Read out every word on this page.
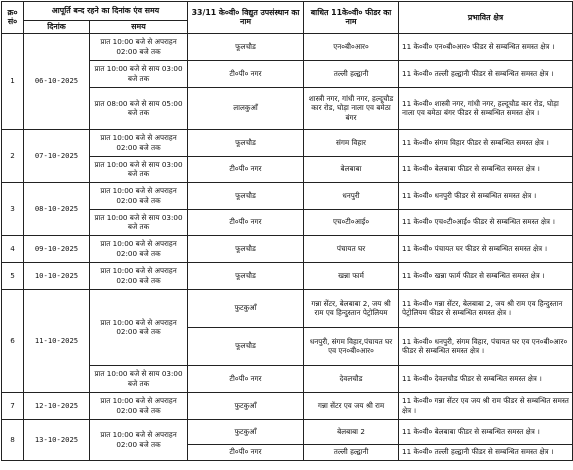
क्र० सं०	आपूर्ति बन्द रहने का दिनांक एंव समय		33/11 के०वी० विद्युत उपसंस्थान का नाम	बाधित 11के०वी० फीडर का नाम	प्रभावित क्षेत्र
	दिनांक	समय			
1	06-10-2025	प्रात 10:00 बजे से अपराहन 02:00 बजे तक	फूलचौड	एन०बी०आर०	11 के०वी० एन०बी०आर० फीडर से सम्बन्धित समस्त क्षेत्र ।
		प्रात 10:00 बजे से साय 03:00 बजे तक	टी०पी० नगर	तल्ली हल्द्वानी	11 के०वी० तल्ली हल्द्वानी फीडर से सम्बन्धित समस्त क्षेत्र ।
		प्रात 08:00 बजे से साय 05:00 बजे तक	लालकुआँ	शास्त्री नगर, गांधी नगर, हल्दूचौड कार रोड, घोड़ा नाला एव बमेठा बंगर	11 के०वी० शास्त्री नगर, गांधी नगर, हल्दूचौड कार रोड, घोड़ा नाला एव बमेठा बंगर फीडर से सम्बन्धित समस्त क्षेत्र ।
2	07-10-2025	प्रात 10:00 बजे से अपराहन 02:00 बजे तक	फूलचौड	संगम विहार	11 के०वी० संगम विहार फीडर से सम्बन्धित समस्त क्षेत्र ।
		प्रात 10:00 बजे से साय 03:00 बजे तक	टी०पी० नगर	बेलबाबा	11 के०वी० बेलबाबा फीडर से सम्बन्धित समस्त क्षेत्र ।
3	08-10-2025	प्रात 10:00 बजे से अपराहन 02:00 बजे तक	फूलचौड	धनपुरी	11 के०वी० धनपुरी फीडर से सम्बन्धित समस्त क्षेत्र ।
		प्रात 10:00 बजे से साय 03:00 बजे तक	टी०पी० नगर	एच०टी०आई०	11 के०वी० एच०टी०आई० फीडर से सम्बन्धित समस्त क्षेत्र ।
4	09-10-2025	प्रात 10:00 बजे से अपराहन 02:00 बजे तक	फूलचौड	पंचायत घर	11 के०वी० पंचायत घर फीडर से सम्बन्धित समस्त क्षेत्र ।
5	10-10-2025	प्रात 10:00 बजे से अपराहन 02:00 बजे तक	फूलचौड	खन्ना फार्म	11 के०वी० खन्ना फार्म फीडर से सम्बन्धित समस्त क्षेत्र ।
6	11-10-2025	प्रात 10:00 बजे से अपराहन 02:00 बजे तक	फुटकुआँ	गन्ना सेंटर, बेलबाबा 2, जय श्री राम एव हिन्दुस्तान पेट्रोलियम	11 के०वी० गन्ना सेंटर, बेलबाबा 2, जय श्री राम एव हिन्दुस्तान पेट्रोलियम फीडर से सम्बन्धित समस्त क्षेत्र ।
			फूलचौड	धनपुरी, संगम विहार,पंचायत घर एव एन०बी०आर०	11 के०वी० धनपुरी, संगम विहार, पंचायत घर एव एन०बी०आर० फीडर से सम्बन्धित समस्त क्षेत्र ।
		प्रात 10:00 बजे से साय 03:00 बजे तक	टी०पी० नगर	देवलचौड	11 के०वी० देवलचौड फीडर से सम्बन्धित समस्त क्षेत्र ।
7	12-10-2025	प्रात 10:00 बजे से अपराहन 02:00 बजे तक	फुटकुआँ	गन्ना सेंटर एव जय श्री राम	11 के०वी० गन्ना सेंटर एव जय श्री राम फीडर से सम्बन्धित समस्त क्षेत्र ।
8	13-10-2025	प्रात 10:00 बजे से अपराहन 02:00 बजे तक	फुटकुआँ	बेलबाबा 2	11 के०वी० बेलबाबा फीडर से सम्बन्धित समस्त क्षेत्र ।
			टी०पी० नगर	तल्ली हल्द्वानी	11 के०वी० तल्ली हल्द्वानी फीडर से सम्बन्धित समस्त क्षेत्र ।
